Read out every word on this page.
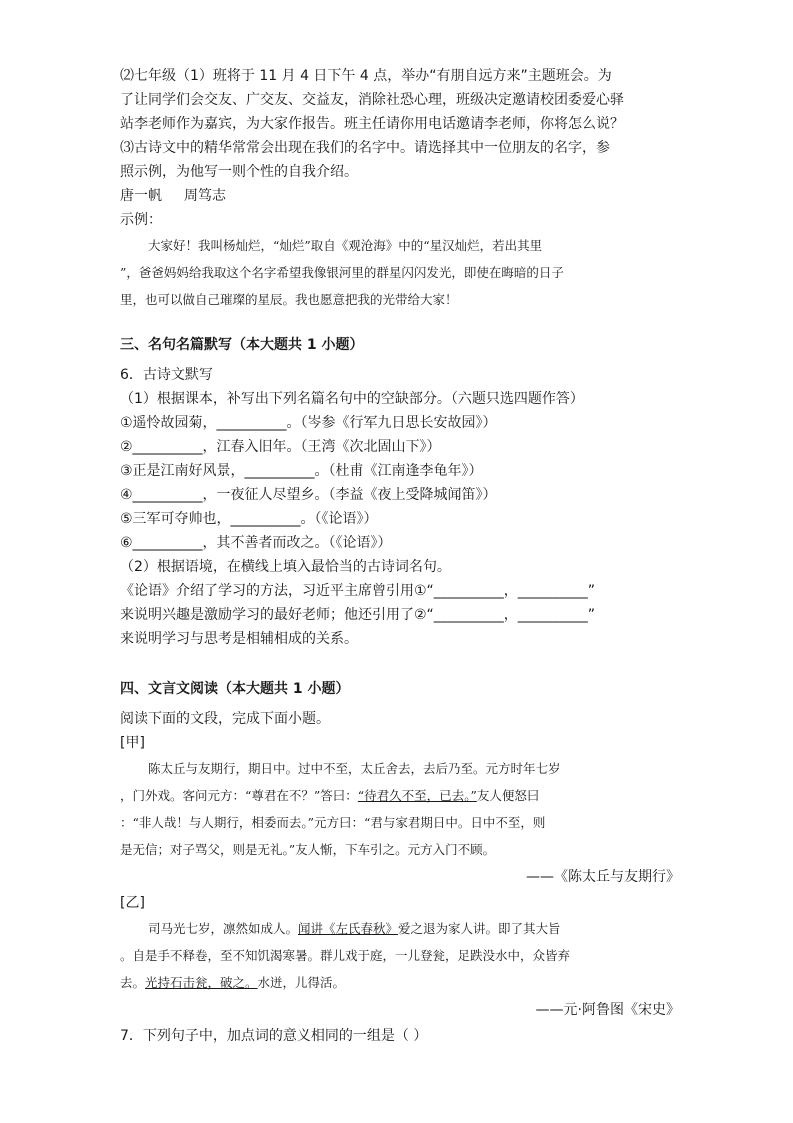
⑵七年级（1）班将于 11 月 4 日下午 4 点，举办“有朋自远方来”主题班会。为
了让同学们会交友、广交友、交益友，消除社恐心理，班级决定邀请校团委爱心驿
站李老师作为嘉宾，为大家作报告。班主任请你用电话邀请李老师，你将怎么说？
⑶古诗文中的精华常常会出现在我们的名字中。请选择其中一位朋友的名字，参
照示例，为他写一则个性的自我介绍。
唐一帆 周笃志
示例：
大家好！我叫杨灿烂，“灿烂”取自《观沧海》中的“星汉灿烂，若出其里
”，爸爸妈妈给我取这个名字希望我像银河里的群星闪闪发光，即使在晦暗的日子
里，也可以做自己璀璨的星辰。我也愿意把我的光带给大家！
三、名句名篇默写（本大题共 1 小题）
6．古诗文默写
（1）根据课本，补写出下列名篇名句中的空缺部分。（六题只选四题作答）
①遥怜故园菊，__________。（岑参《行军九日思长安故园》）
②__________，江春入旧年。（王湾《次北固山下》）
③正是江南好风景，__________。（杜甫《江南逢李龟年》）
④__________，一夜征人尽望乡。（李益《夜上受降城闻笛》）
⑤三军可夺帅也，__________。（《论语》）
⑥__________，其不善者而改之。（《论语》）
（2）根据语境，在横线上填入最恰当的古诗词名句。
《论语》介绍了学习的方法，习近平主席曾引用①“__________，__________”
来说明兴趣是激励学习的最好老师；他还引用了②“__________，__________”
来说明学习与思考是相辅相成的关系。
四、文言文阅读（本大题共 1 小题）
阅读下面的文段，完成下面小题。
[甲]
陈太丘与友期行，期日中。过中不至，太丘舍去，去后乃至。元方时年七岁
，门外戏。客问元方：“尊君在不？”答曰：“待君久不至，已去。”友人便怒曰
：“非人哉！与人期行，相委而去。”元方曰：“君与家君期日中。日中不至，则
是无信；对子骂父，则是无礼。”友人惭，下车引之。元方入门不顾。
——《陈太丘与友期行》
[乙]
司马光七岁，凛然如成人。闻讲《左氏春秋》爱之退为家人讲。即了其大旨
。自是手不释卷，至不知饥渴寒暑。群儿戏于庭，一儿登瓮，足跌没水中，众皆弃
去。光持石击瓮，破之。水迸，儿得活。
——元·阿鲁图《宋史》
7．下列句子中，加点词的意义相同的一组是（ ）
